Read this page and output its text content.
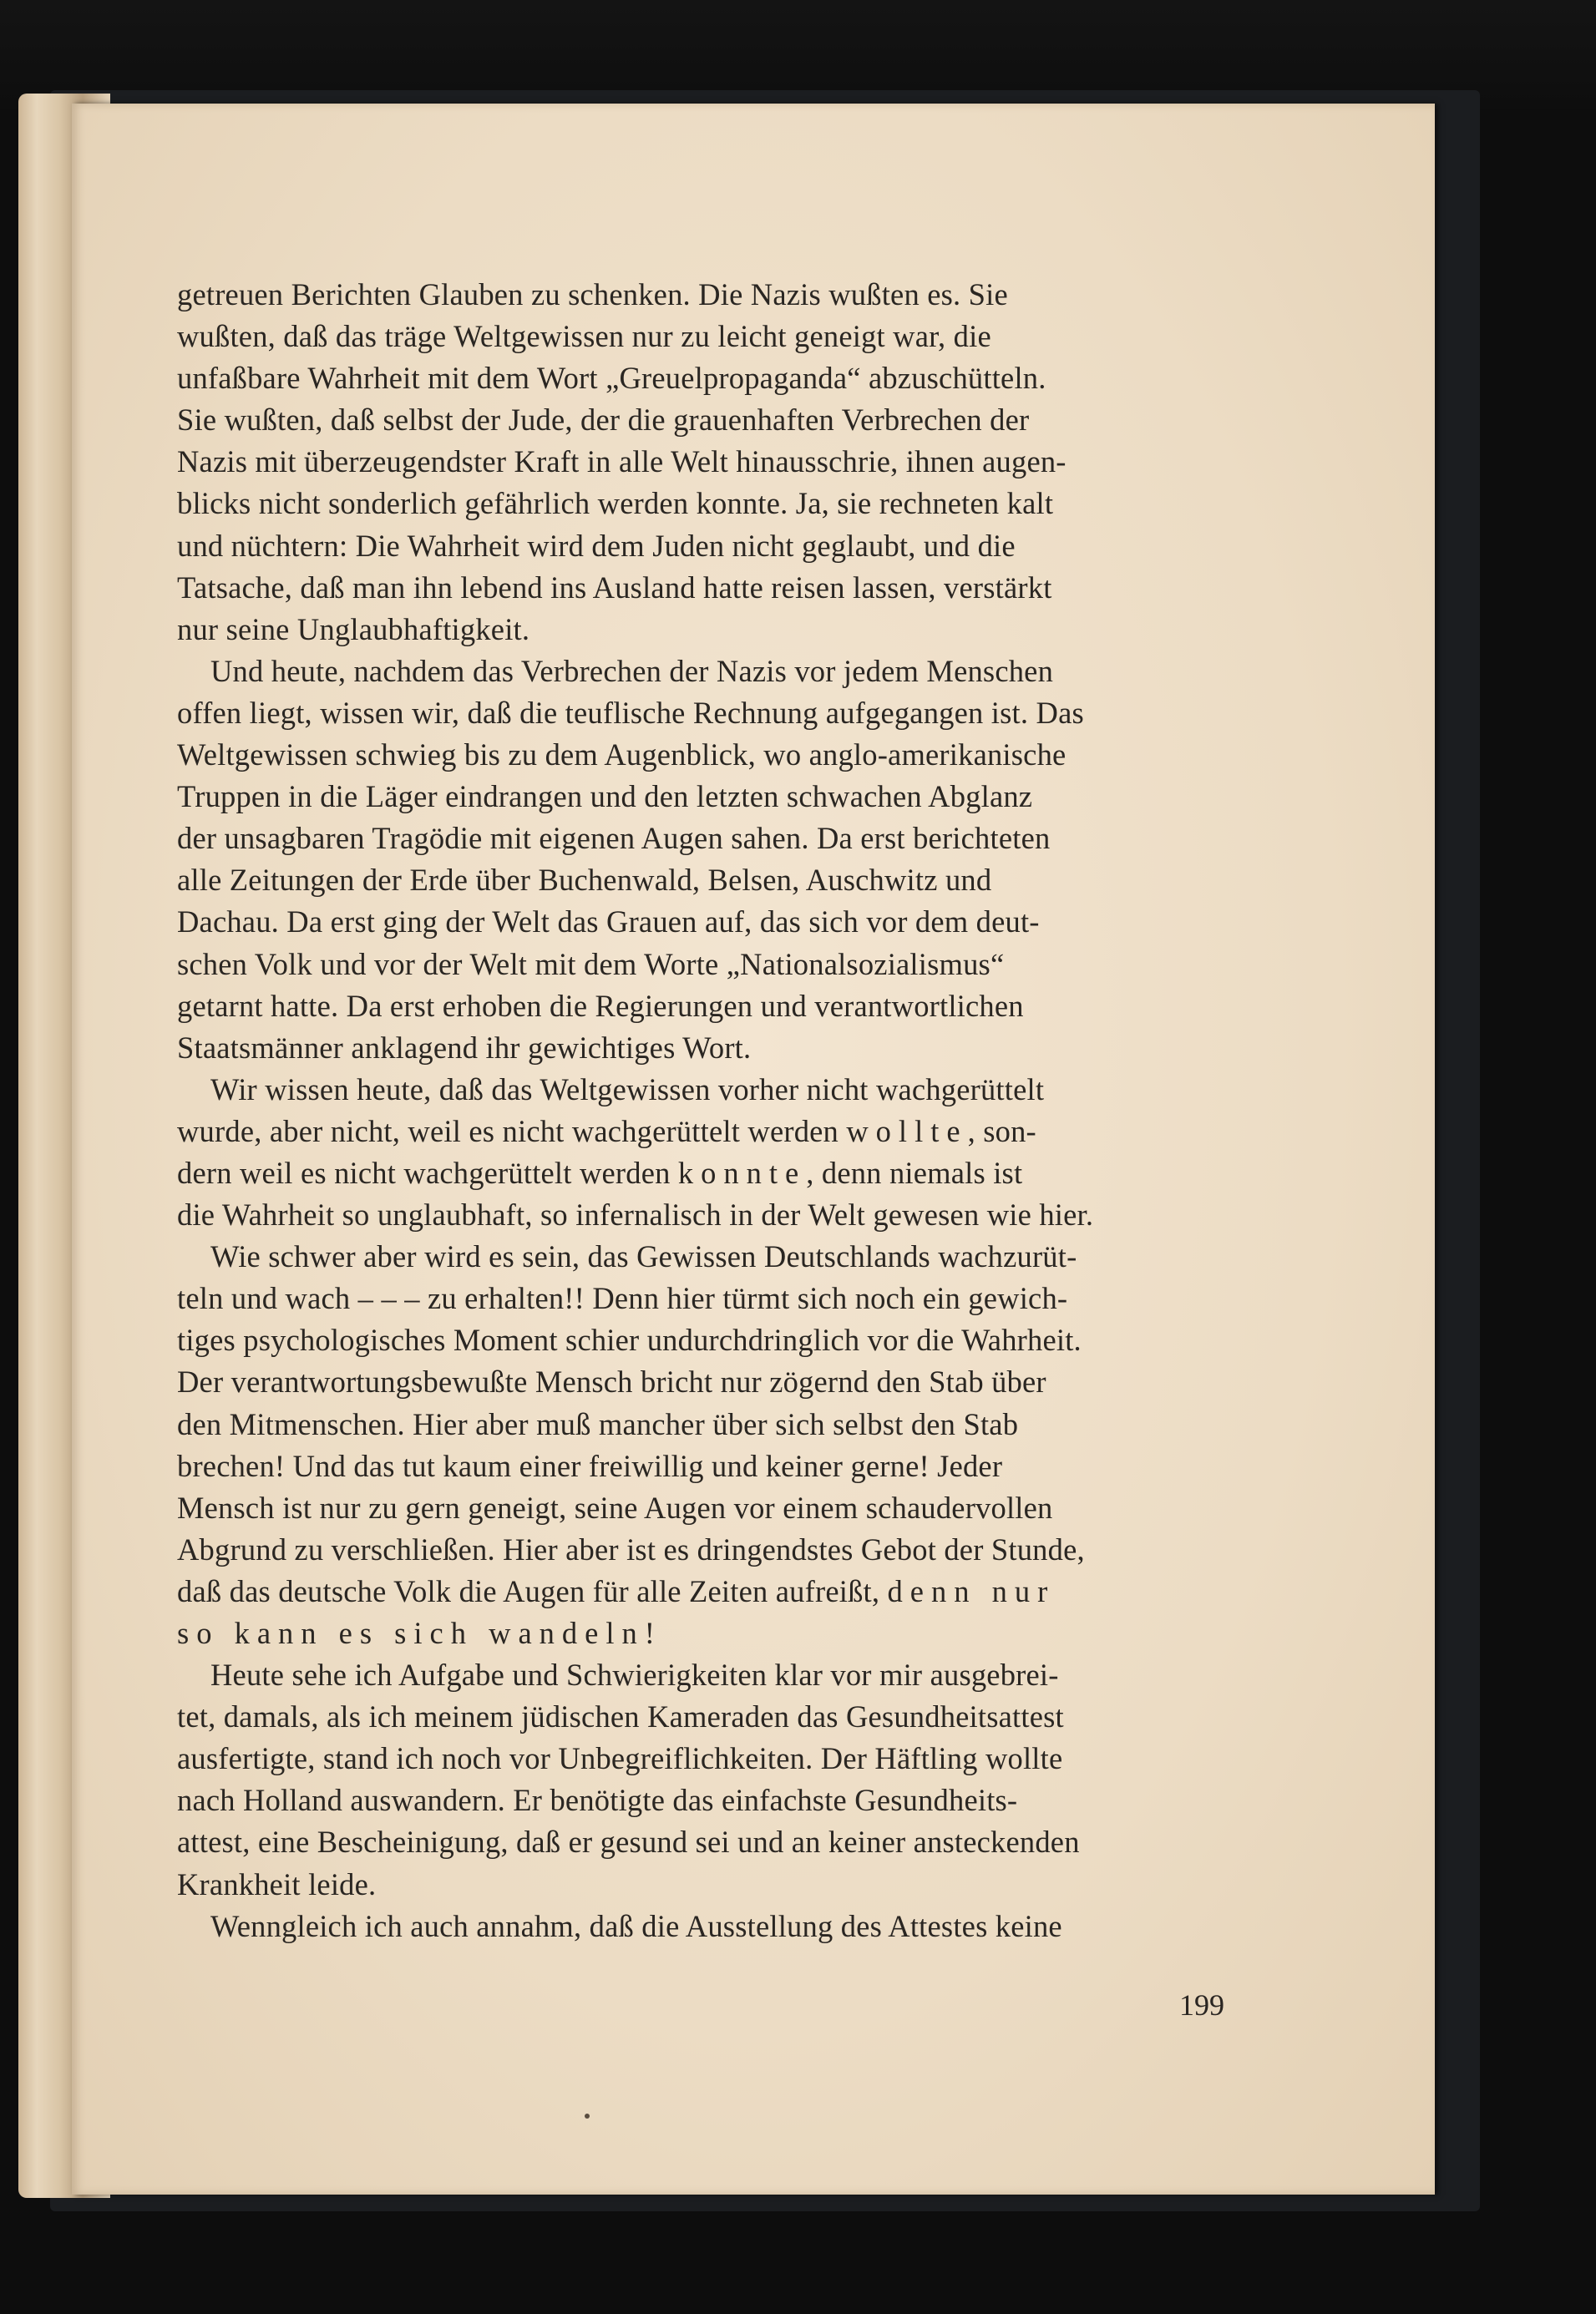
getreuen Berichten Glauben zu schenken. Die Nazis wußten es. Sie
wußten, daß das träge Weltgewissen nur zu leicht geneigt war, die
unfaßbare Wahrheit mit dem Wort „Greuelpropaganda“ abzuschütteln.
Sie wußten, daß selbst der Jude, der die grauenhaften Verbrechen der
Nazis mit überzeugendster Kraft in alle Welt hinausschrie, ihnen augen-
blicks nicht sonderlich gefährlich werden konnte. Ja, sie rechneten kalt
und nüchtern: Die Wahrheit wird dem Juden nicht geglaubt, und die
Tatsache, daß man ihn lebend ins Ausland hatte reisen lassen, verstärkt
nur seine Unglaubhaftigkeit.

Und heute, nachdem das Verbrechen der Nazis vor jedem Menschen
offen liegt, wissen wir, daß die teuflische Rechnung aufgegangen ist. Das
Weltgewissen schwieg bis zu dem Augenblick, wo anglo-amerikanische
Truppen in die Läger eindrangen und den letzten schwachen Abglanz
der unsagbaren Tragödie mit eigenen Augen sahen. Da erst berichteten
alle Zeitungen der Erde über Buchenwald, Belsen, Auschwitz und
Dachau. Da erst ging der Welt das Grauen auf, das sich vor dem deut-
schen Volk und vor der Welt mit dem Worte „Nationalsozialismus“
getarnt hatte. Da erst erhoben die Regierungen und verantwortlichen
Staatsmänner anklagend ihr gewichtiges Wort.

Wir wissen heute, daß das Weltgewissen vorher nicht wachgerüttelt
wurde, aber nicht, weil es nicht wachgerüttelt werden wollte, son-
dern weil es nicht wachgerüttelt werden konnte, denn niemals ist
die Wahrheit so unglaubhaft, so infernalisch in der Welt gewesen wie hier.

Wie schwer aber wird es sein, das Gewissen Deutschlands wachzurüt-
teln und wach – – – zu erhalten!! Denn hier türmt sich noch ein gewich-
tiges psychologisches Moment schier undurchdringlich vor die Wahrheit.
Der verantwortungsbewußte Mensch bricht nur zögernd den Stab über
den Mitmenschen. Hier aber muß mancher über sich selbst den Stab
brechen! Und das tut kaum einer freiwillig und keiner gerne! Jeder
Mensch ist nur zu gern geneigt, seine Augen vor einem schaudervollen
Abgrund zu verschließen. Hier aber ist es dringendstes Gebot der Stunde,
daß das deutsche Volk die Augen für alle Zeiten aufreißt, denn nur
so kann es sich wandeln!

Heute sehe ich Aufgabe und Schwierigkeiten klar vor mir ausgebrei-
tet, damals, als ich meinem jüdischen Kameraden das Gesundheitsattest
ausfertigte, stand ich noch vor Unbegreiflichkeiten. Der Häftling wollte
nach Holland auswandern. Er benötigte das einfachste Gesundheits-
attest, eine Bescheinigung, daß er gesund sei und an keiner ansteckenden
Krankheit leide.

Wenngleich ich auch annahm, daß die Ausstellung des Attestes keine

199
